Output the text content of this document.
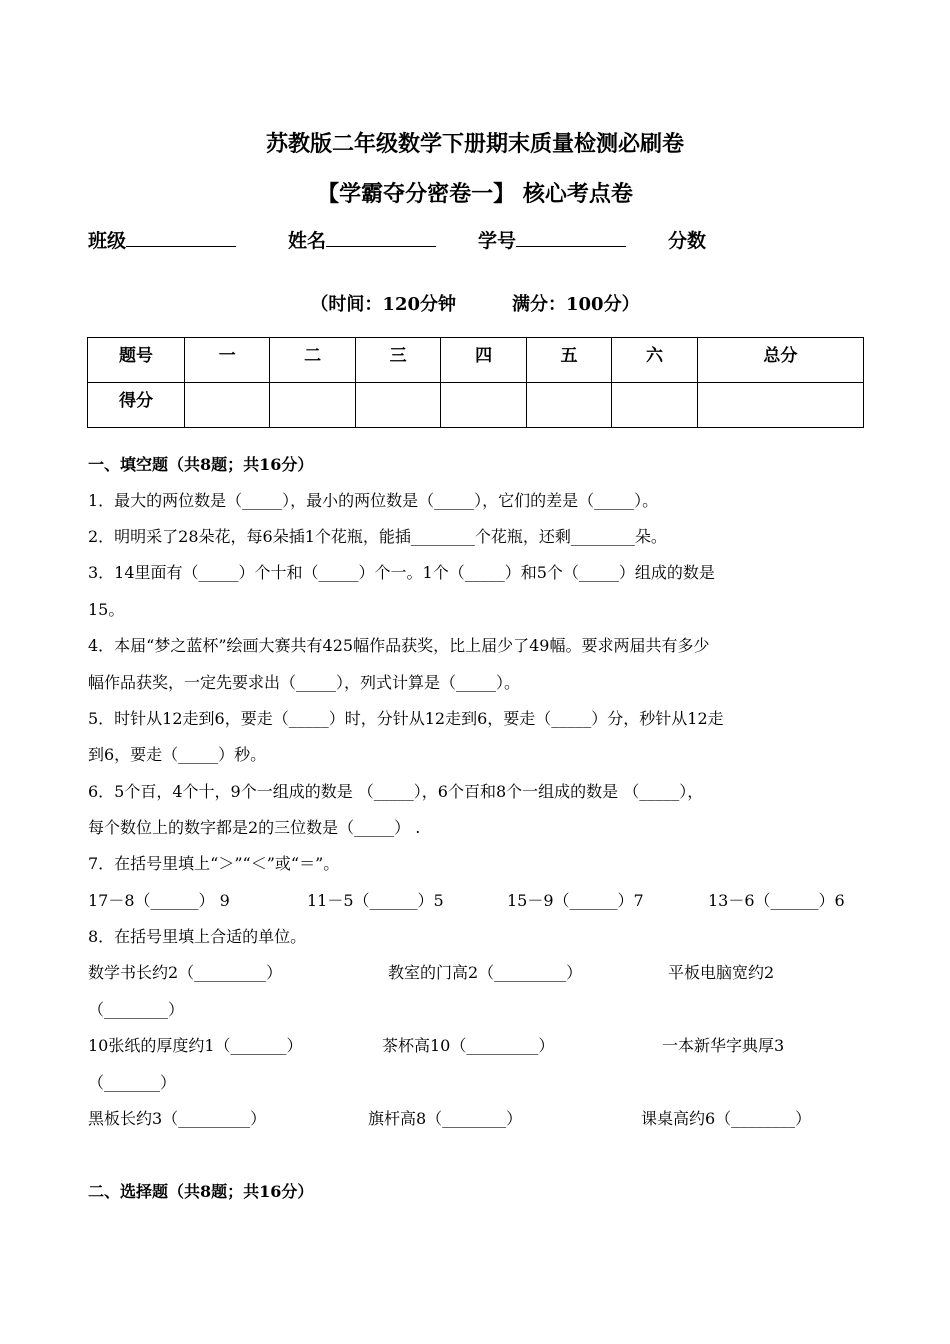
苏教版二年级数学下册期末质量检测必刷卷
【学霸夺分密卷一】 核心考点卷
班级	姓名	学号	分数
（时间：120分钟	满分：100分）
题号	一	二	三	四	五	六	总分
得分							
一、填空题（共8题；共16分）
1．最大的两位数是（_____），最小的两位数是（_____），它们的差是（_____）。
2．明明采了28朵花，每6朵插1个花瓶，能插________个花瓶，还剩________朵。
3．14里面有（_____）个十和（_____）个一。1个（_____）和5个（_____）组成的数是
15。
4．本届“梦之蓝杯”绘画大赛共有425幅作品获奖，比上届少了49幅。要求两届共有多少
幅作品获奖，一定先要求出（_____），列式计算是（_____）。
5．时针从12走到6，要走（_____）时，分针从12走到6，要走（_____）分，秒针从12走
到6，要走（_____）秒。
6．5个百，4个十，9个一组成的数是 （_____），6个百和8个一组成的数是 （_____），
每个数位上的数字都是2的三位数是（_____） .
7．在括号里填上“＞”“＜”或“＝”。
17－8（______） 9	11－5（______）5	15－9（______）7	13－6（______）6
8．在括号里填上合适的单位。
数学书长约2（_________）	教室的门高2（_________）	平板电脑宽约2
（________）
10张纸的厚度约1（_______）	茶杯高10（_________）	一本新华字典厚3
（_______）
黑板长约3（_________）	旗杆高8（________）	课桌高约6（________）
二、选择题（共8题；共16分）
